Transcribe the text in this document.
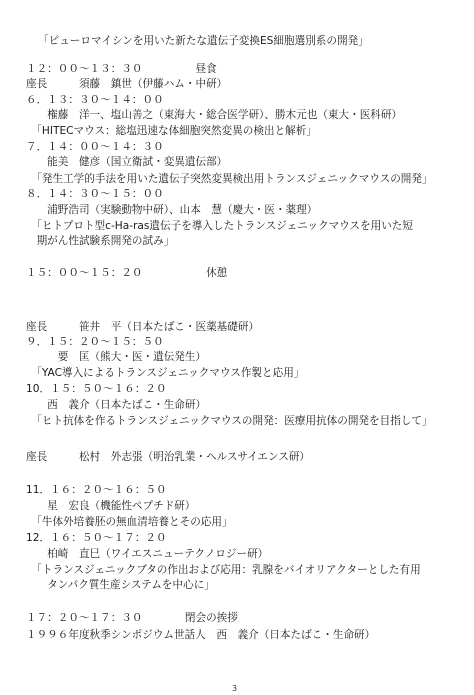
「ピューロマイシンを用いた新たな遺伝子変換ES細胞選別系の開発」
１２：００～１３：３０　　　　　昼食
座長　　　須藤　鎮世（伊藤ハム・中研）
６．１３：３０～１４：００
　　権藤　洋一、塩山善之（東海大・総合医学研）、勝木元也（東大・医科研）
　「HITECマウス：総塩迅速な体細胞突然変異の検出と解析」
７．１４：００～１４：３０
　　能美　健彦（国立衛試・変異遺伝部）
　「発生工学的手法を用いた遺伝子突然変異検出用トランスジェニックマウスの開発」
８．１４：３０～１５：００
　　浦野浩司（実験動物中研）、山本　慧（慶大・医・薬理）
　「ヒトプロト型c-Ha-ras遺伝子を導入したトランスジェニックマウスを用いた短
　期がん性試験系開発の試み」
１５：００～１５：２０　　　　　　休憩
座長　　　笹井　平（日本たばこ・医薬基礎研）
９．１５：２０～１５：５０
　　　要　匡（熊大・医・遺伝発生）
　「YAC導入によるトランスジェニックマウス作製と応用」
10．１５：５０～１６：２０
　　西　義介（日本たばこ・生命研）
　「ヒト抗体を作るトランスジェニックマウスの開発：医療用抗体の開発を目指して」
座長　　　松村　外志張（明治乳業・ヘルスサイエンス研）
11．１６：２０～１６：５０
　　星　宏良（機能性ペプチド研）
　「牛体外培養胚の無血清培養とその応用」
12．１６：５０～１７：２０
　　柏崎　直巳（ワイエスニューテクノロジー研）
　「トランスジェニックブタの作出および応用：乳腺をバイオリアクターとした有用
　　タンパク質生産システムを中心に」
１７：２０～１７：３０　　　　閉会の挨拶
１９９６年度秋季シンポジウム世話人　西　義介（日本たばこ・生命研）
3
